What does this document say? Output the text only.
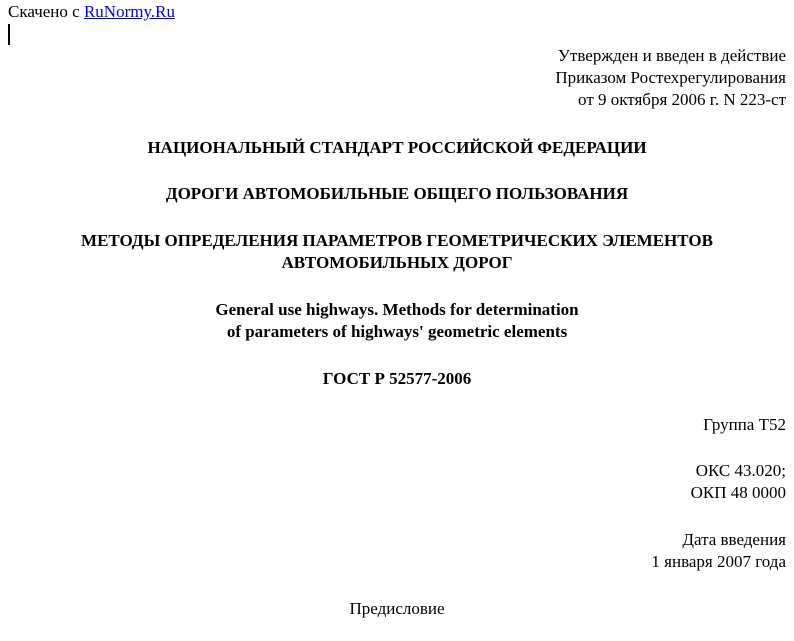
Скачено с RuNormy.Ru
Утвержден и введен в действие
Приказом Ростехрегулирования
от 9 октября 2006 г. N 223-ст
НАЦИОНАЛЬНЫЙ СТАНДАРТ РОССИЙСКОЙ ФЕДЕРАЦИИ
ДОРОГИ АВТОМОБИЛЬНЫЕ ОБЩЕГО ПОЛЬЗОВАНИЯ
МЕТОДЫ ОПРЕДЕЛЕНИЯ ПАРАМЕТРОВ ГЕОМЕТРИЧЕСКИХ ЭЛЕМЕНТОВ
АВТОМОБИЛЬНЫХ ДОРОГ
General use highways. Methods for determination
of parameters of highways' geometric elements
ГОСТ Р 52577-2006
Группа Т52
ОКС 43.020;
ОКП 48 0000
Дата введения
1 января 2007 года
Предисловие
